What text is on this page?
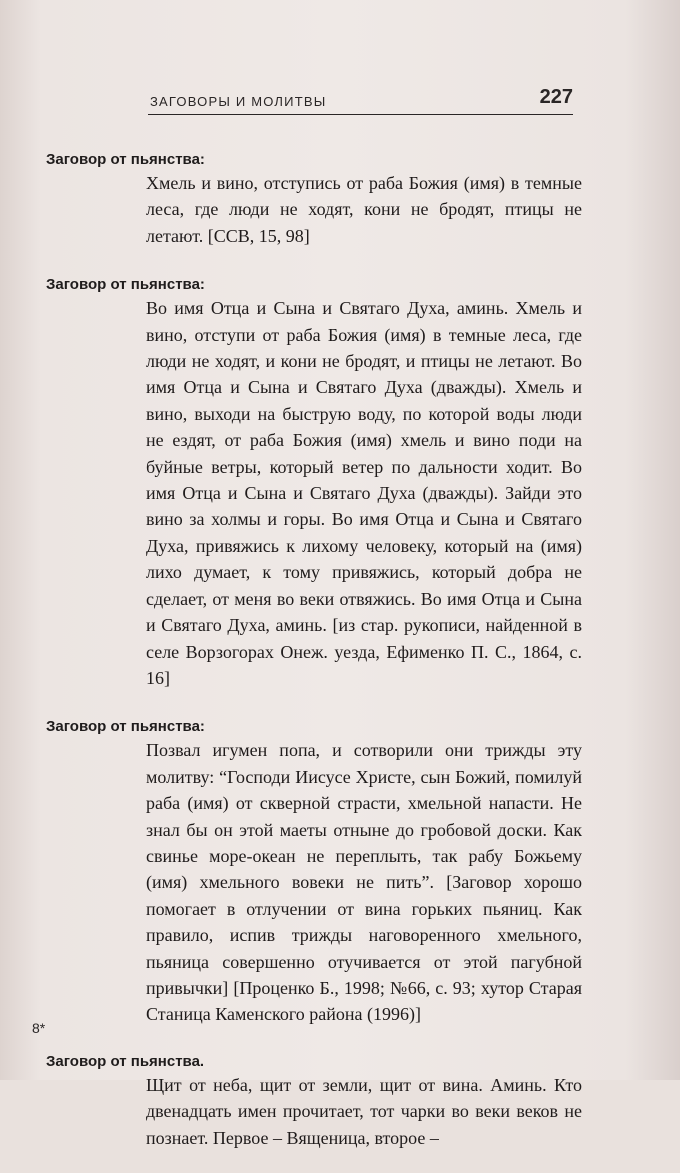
ЗАГОВОРЫ И МОЛИТВЫ	227

Заговор от пьянства:

Хмель и вино, отступись от раба Божия (имя) в темные леса, где люди не ходят, кони не бродят, птицы не летают. [ССВ, 15, 98]

Заговор от пьянства:

Во имя Отца и Сына и Святаго Духа, аминь. Хмель и вино, отступи от раба Божия (имя) в темные леса, где люди не ходят, и кони не бродят, и птицы не летают. Во имя Отца и Сына и Святаго Духа (дважды). Хмель и вино, выходи на быструю воду, по которой воды люди не ездят, от раба Божия (имя) хмель и вино поди на буйные ветры, который ветер по дальности ходит. Во имя Отца и Сына и Святаго Духа (дважды). Зайди это вино за холмы и горы. Во имя Отца и Сына и Святаго Духа, привяжись к лихому человеку, который на (имя) лихо думает, к тому привяжись, который добра не сделает, от меня во веки отвяжись. Во имя Отца и Сына и Святаго Духа, аминь. [из стар. рукописи, найденной в селе Ворзогорах Онеж. уезда, Ефименко П. С., 1864, с. 16]

Заговор от пьянства:

Позвал игумен попа, и сотворили они трижды эту молитву: “Господи Иисусе Христе, сын Божий, помилуй раба (имя) от скверной страсти, хмельной напасти. Не знал бы он этой маеты отныне до гробовой доски. Как свинье море-океан не переплыть, так рабу Божьему (имя) хмельного вовеки не пить”. [Заговор хорошо помогает в отлучении от вина горьких пьяниц. Как правило, испив трижды наговоренного хмельного, пьяница совершенно отучивается от этой пагубной привычки] [Проценко Б., 1998; №66, с. 93; хутор Старая Станица Каменского района (1996)]

Заговор от пьянства.

Щит от неба, щит от земли, щит от вина. Аминь. Кто двенадцать имен прочитает, тот чарки во веки веков не познает. Первое – Вященица, второе –

8*
